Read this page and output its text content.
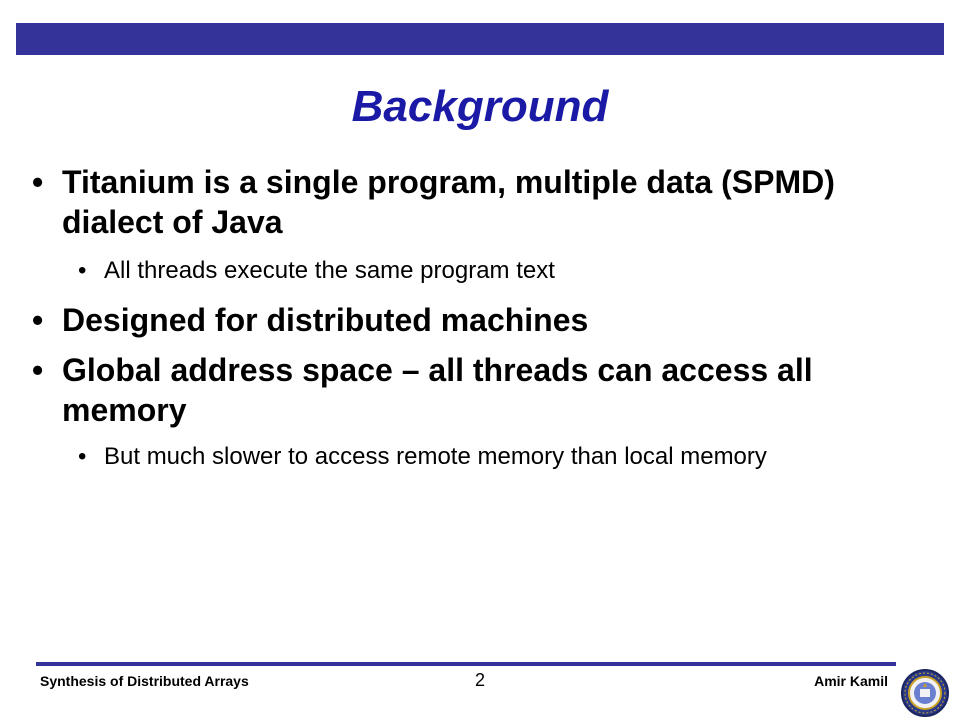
Background
• Titanium is a single program, multiple data (SPMD) dialect of Java
• All threads execute the same program text
• Designed for distributed machines
• Global address space – all threads can access all memory
• But much slower to access remote memory than local memory
Synthesis of Distributed Arrays	2	Amir Kamil
